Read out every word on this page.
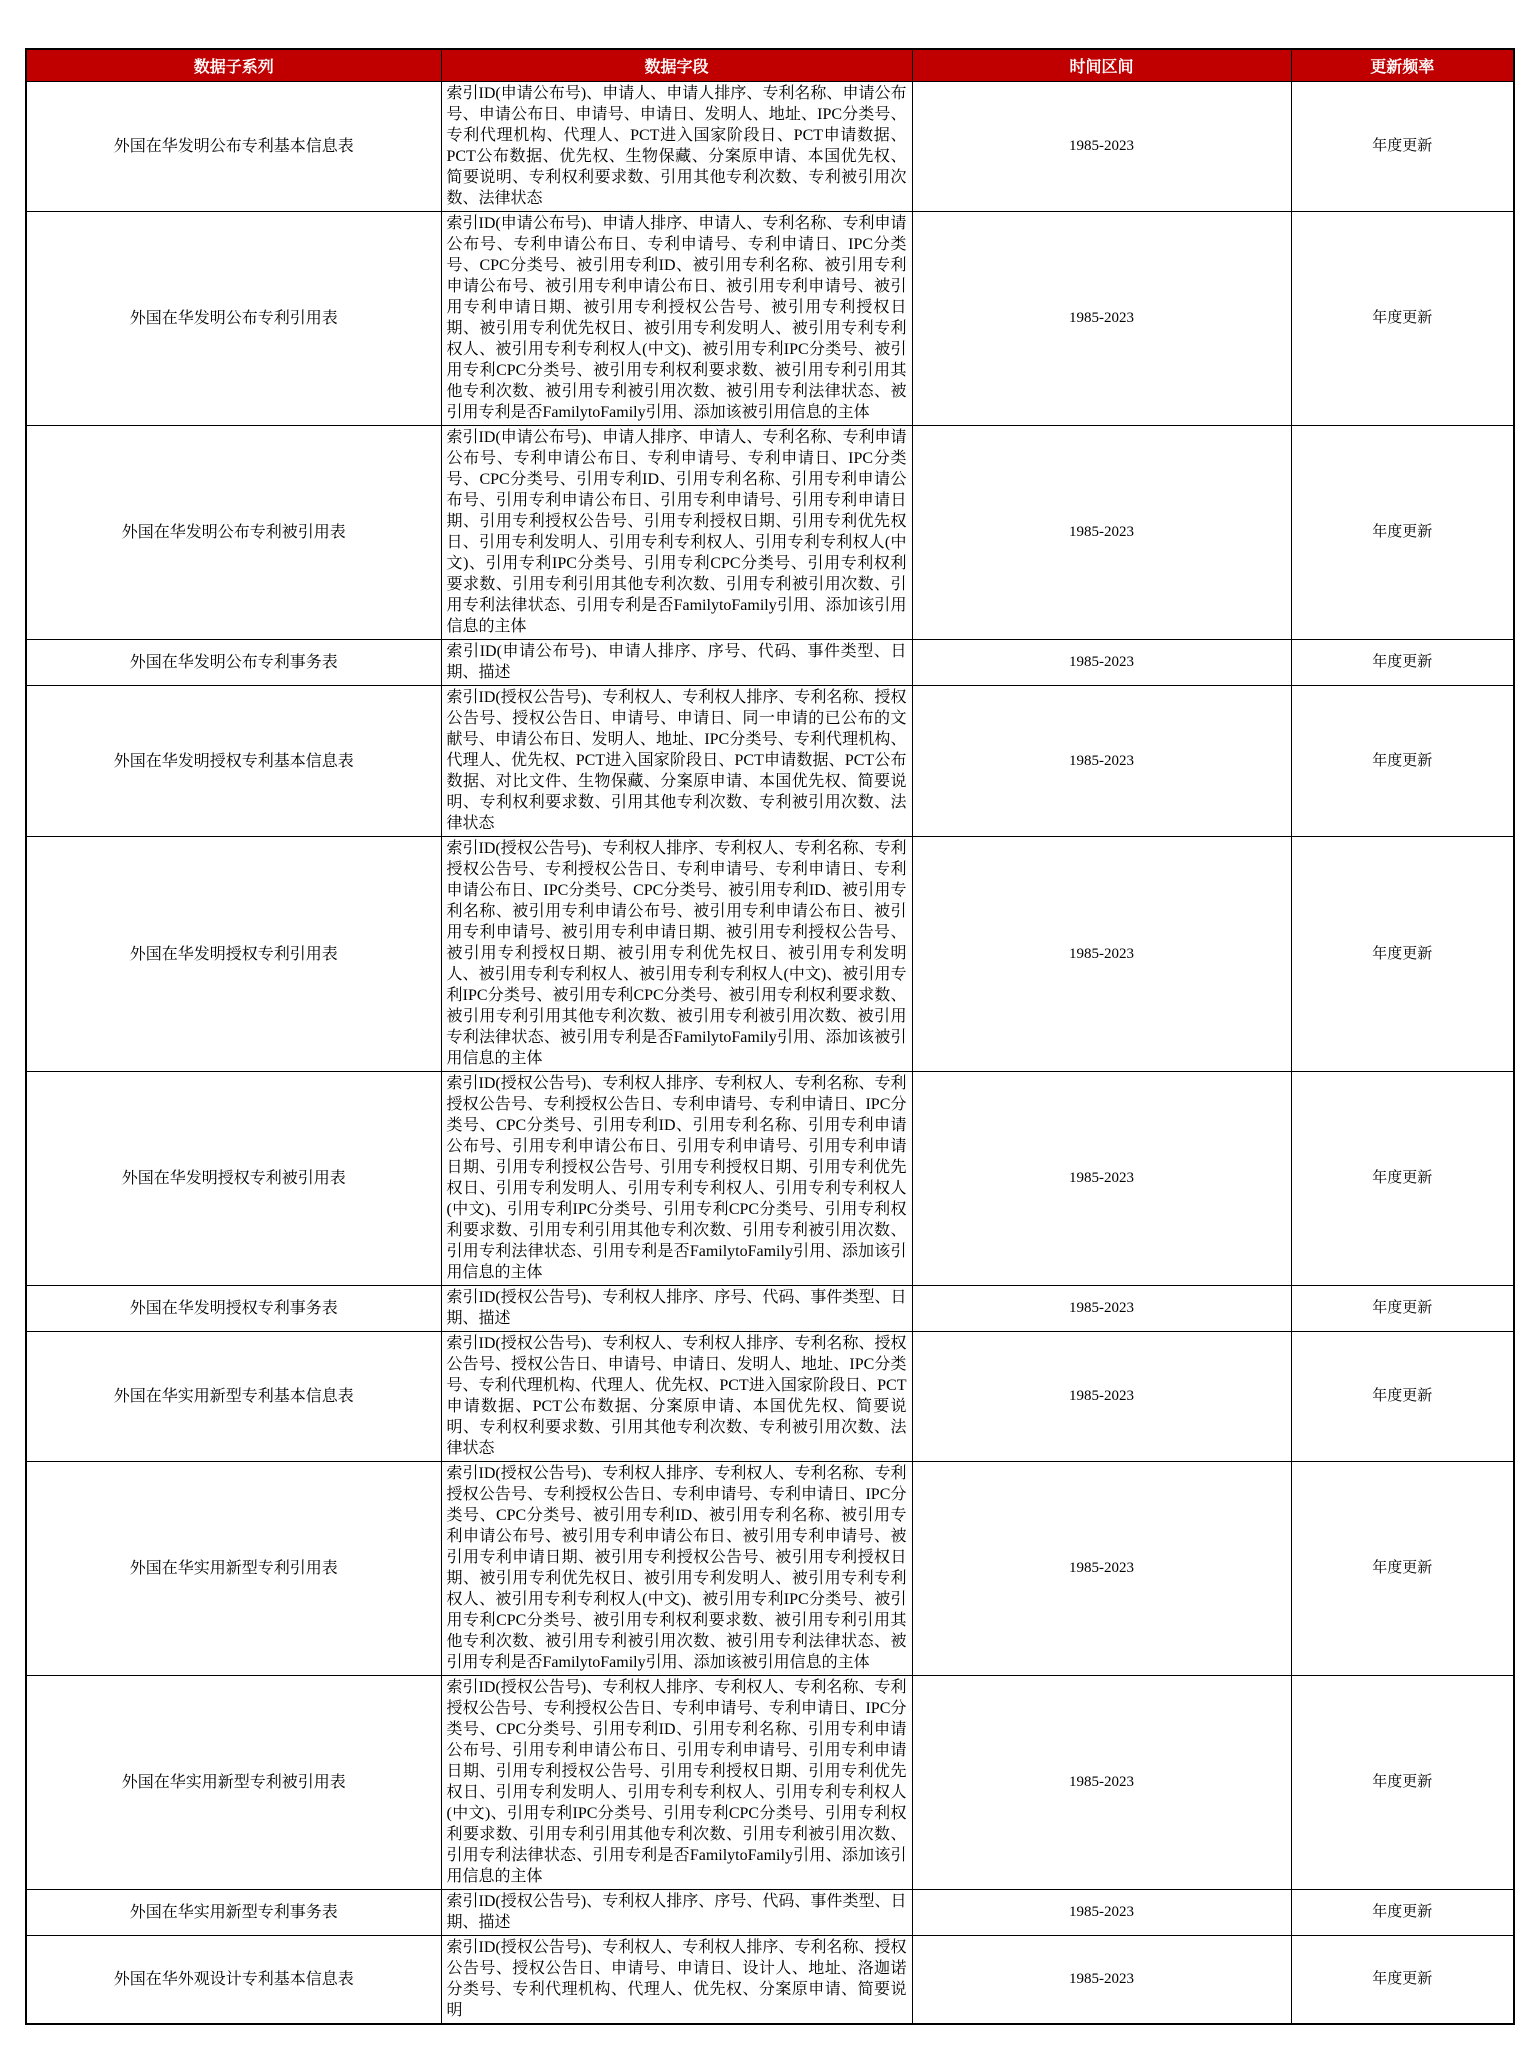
数据子系列	数据字段	时间区间	更新频率
外国在华发明公布专利基本信息表	索引ID(申请公布号)、申请人、申请人排序、专利名称、申请公布号、申请公布日、申请号、申请日、发明人、地址、IPC分类号、专利代理机构、代理人、PCT进入国家阶段日、PCT申请数据、PCT公布数据、优先权、生物保藏、分案原申请、本国优先权、简要说明、专利权利要求数、引用其他专利次数、专利被引用次数、法律状态	1985-2023	年度更新
外国在华发明公布专利引用表	索引ID(申请公布号)、申请人排序、申请人、专利名称、专利申请公布号、专利申请公布日、专利申请号、专利申请日、IPC分类号、CPC分类号、被引用专利ID、被引用专利名称、被引用专利申请公布号、被引用专利申请公布日、被引用专利申请号、被引用专利申请日期、被引用专利授权公告号、被引用专利授权日期、被引用专利优先权日、被引用专利发明人、被引用专利专利权人、被引用专利专利权人(中文)、被引用专利IPC分类号、被引用专利CPC分类号、被引用专利权利要求数、被引用专利引用其他专利次数、被引用专利被引用次数、被引用专利法律状态、被引用专利是否FamilytoFamily引用、添加该被引用信息的主体	1985-2023	年度更新
外国在华发明公布专利被引用表	索引ID(申请公布号)、申请人排序、申请人、专利名称、专利申请公布号、专利申请公布日、专利申请号、专利申请日、IPC分类号、CPC分类号、引用专利ID、引用专利名称、引用专利申请公布号、引用专利申请公布日、引用专利申请号、引用专利申请日期、引用专利授权公告号、引用专利授权日期、引用专利优先权日、引用专利发明人、引用专利专利权人、引用专利专利权人(中文)、引用专利IPC分类号、引用专利CPC分类号、引用专利权利要求数、引用专利引用其他专利次数、引用专利被引用次数、引用专利法律状态、引用专利是否FamilytoFamily引用、添加该引用信息的主体	1985-2023	年度更新
外国在华发明公布专利事务表	索引ID(申请公布号)、申请人排序、序号、代码、事件类型、日期、描述	1985-2023	年度更新
外国在华发明授权专利基本信息表	索引ID(授权公告号)、专利权人、专利权人排序、专利名称、授权公告号、授权公告日、申请号、申请日、同一申请的已公布的文献号、申请公布日、发明人、地址、IPC分类号、专利代理机构、代理人、优先权、PCT进入国家阶段日、PCT申请数据、PCT公布数据、对比文件、生物保藏、分案原申请、本国优先权、简要说明、专利权利要求数、引用其他专利次数、专利被引用次数、法律状态	1985-2023	年度更新
外国在华发明授权专利引用表	索引ID(授权公告号)、专利权人排序、专利权人、专利名称、专利授权公告号、专利授权公告日、专利申请号、专利申请日、专利申请公布日、IPC分类号、CPC分类号、被引用专利ID、被引用专利名称、被引用专利申请公布号、被引用专利申请公布日、被引用专利申请号、被引用专利申请日期、被引用专利授权公告号、被引用专利授权日期、被引用专利优先权日、被引用专利发明人、被引用专利专利权人、被引用专利专利权人(中文)、被引用专利IPC分类号、被引用专利CPC分类号、被引用专利权利要求数、被引用专利引用其他专利次数、被引用专利被引用次数、被引用专利法律状态、被引用专利是否FamilytoFamily引用、添加该被引用信息的主体	1985-2023	年度更新
外国在华发明授权专利被引用表	索引ID(授权公告号)、专利权人排序、专利权人、专利名称、专利授权公告号、专利授权公告日、专利申请号、专利申请日、IPC分类号、CPC分类号、引用专利ID、引用专利名称、引用专利申请公布号、引用专利申请公布日、引用专利申请号、引用专利申请日期、引用专利授权公告号、引用专利授权日期、引用专利优先权日、引用专利发明人、引用专利专利权人、引用专利专利权人(中文)、引用专利IPC分类号、引用专利CPC分类号、引用专利权利要求数、引用专利引用其他专利次数、引用专利被引用次数、引用专利法律状态、引用专利是否FamilytoFamily引用、添加该引用信息的主体	1985-2023	年度更新
外国在华发明授权专利事务表	索引ID(授权公告号)、专利权人排序、序号、代码、事件类型、日期、描述	1985-2023	年度更新
外国在华实用新型专利基本信息表	索引ID(授权公告号)、专利权人、专利权人排序、专利名称、授权公告号、授权公告日、申请号、申请日、发明人、地址、IPC分类号、专利代理机构、代理人、优先权、PCT进入国家阶段日、PCT申请数据、PCT公布数据、分案原申请、本国优先权、简要说明、专利权利要求数、引用其他专利次数、专利被引用次数、法律状态	1985-2023	年度更新
外国在华实用新型专利引用表	索引ID(授权公告号)、专利权人排序、专利权人、专利名称、专利授权公告号、专利授权公告日、专利申请号、专利申请日、IPC分类号、CPC分类号、被引用专利ID、被引用专利名称、被引用专利申请公布号、被引用专利申请公布日、被引用专利申请号、被引用专利申请日期、被引用专利授权公告号、被引用专利授权日期、被引用专利优先权日、被引用专利发明人、被引用专利专利权人、被引用专利专利权人(中文)、被引用专利IPC分类号、被引用专利CPC分类号、被引用专利权利要求数、被引用专利引用其他专利次数、被引用专利被引用次数、被引用专利法律状态、被引用专利是否FamilytoFamily引用、添加该被引用信息的主体	1985-2023	年度更新
外国在华实用新型专利被引用表	索引ID(授权公告号)、专利权人排序、专利权人、专利名称、专利授权公告号、专利授权公告日、专利申请号、专利申请日、IPC分类号、CPC分类号、引用专利ID、引用专利名称、引用专利申请公布号、引用专利申请公布日、引用专利申请号、引用专利申请日期、引用专利授权公告号、引用专利授权日期、引用专利优先权日、引用专利发明人、引用专利专利权人、引用专利专利权人(中文)、引用专利IPC分类号、引用专利CPC分类号、引用专利权利要求数、引用专利引用其他专利次数、引用专利被引用次数、引用专利法律状态、引用专利是否FamilytoFamily引用、添加该引用信息的主体	1985-2023	年度更新
外国在华实用新型专利事务表	索引ID(授权公告号)、专利权人排序、序号、代码、事件类型、日期、描述	1985-2023	年度更新
外国在华外观设计专利基本信息表	索引ID(授权公告号)、专利权人、专利权人排序、专利名称、授权公告号、授权公告日、申请号、申请日、设计人、地址、洛迦诺分类号、专利代理机构、代理人、优先权、分案原申请、简要说明	1985-2023	年度更新
